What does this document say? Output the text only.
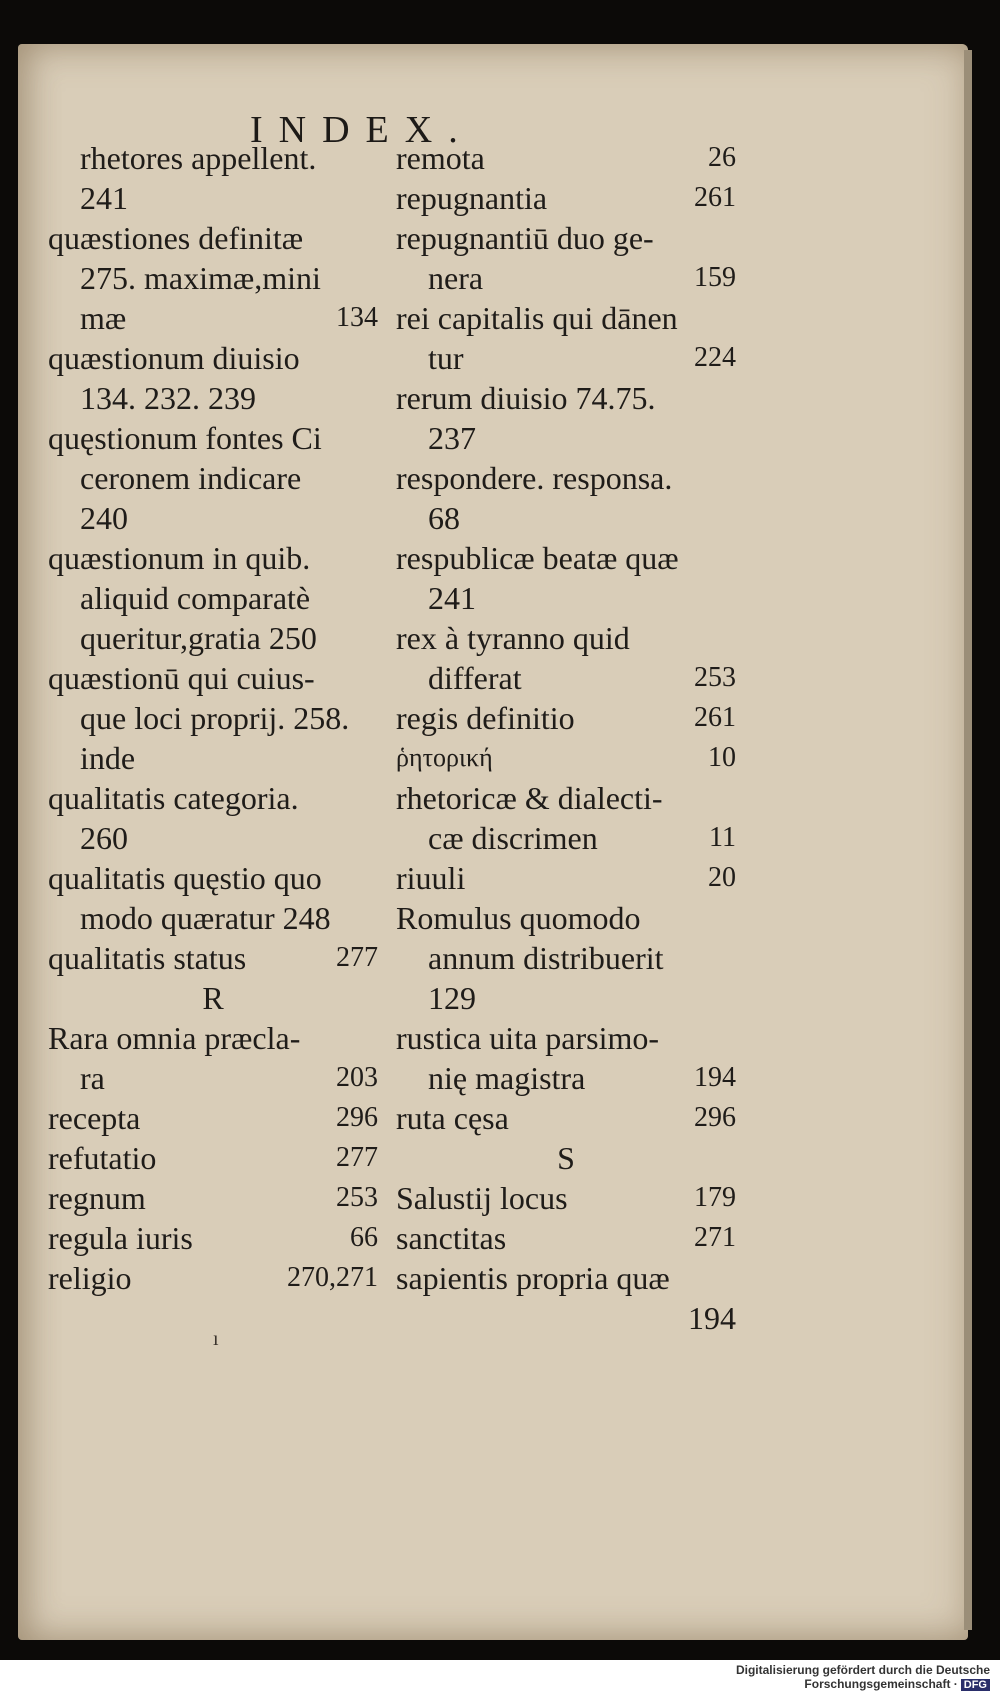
INDEX.
rhetores appellent.
241
quæstiones definitæ
275. maximæ,mini
mæ	134
quæstionum diuisio
134. 232. 239
quęstionum fontes Ci
ceronem indicare
240
quæstionum in quib.
aliquid comparatè
queritur,gratia 250
quæstionū qui cuius-
que loci proprij. 258.
inde
qualitatis categoria.
260
qualitatis quęstio quo
modo quæratur 248
qualitatis status	277
R
Rara omnia præcla-
ra	203
recepta	296
refutatio	277
regnum	253
regula iuris	66
religio	270,271
remota	26
repugnantia	261
repugnantiū duo ge-
nera	159
rei capitalis qui dānen
tur	224
rerum diuisio 74.75.
237
respondere. responsa.
68
respublicæ beatæ quæ
241
rex à tyranno quid
differat	253
regis definitio	261
ῥητορική	10
rhetoricæ & dialecti-
cæ discrimen	11
riuuli	20
Romulus quomodo
annum distribuerit
129
rustica uita parsimo-
nię magistra	194
ruta cęsa	296
S
Salustij locus	179
sanctitas	271
sapientis propria quæ
194
ı
Digitalisierung gefördert durch die Deutsche Forschungsgemeinschaft · DFG
